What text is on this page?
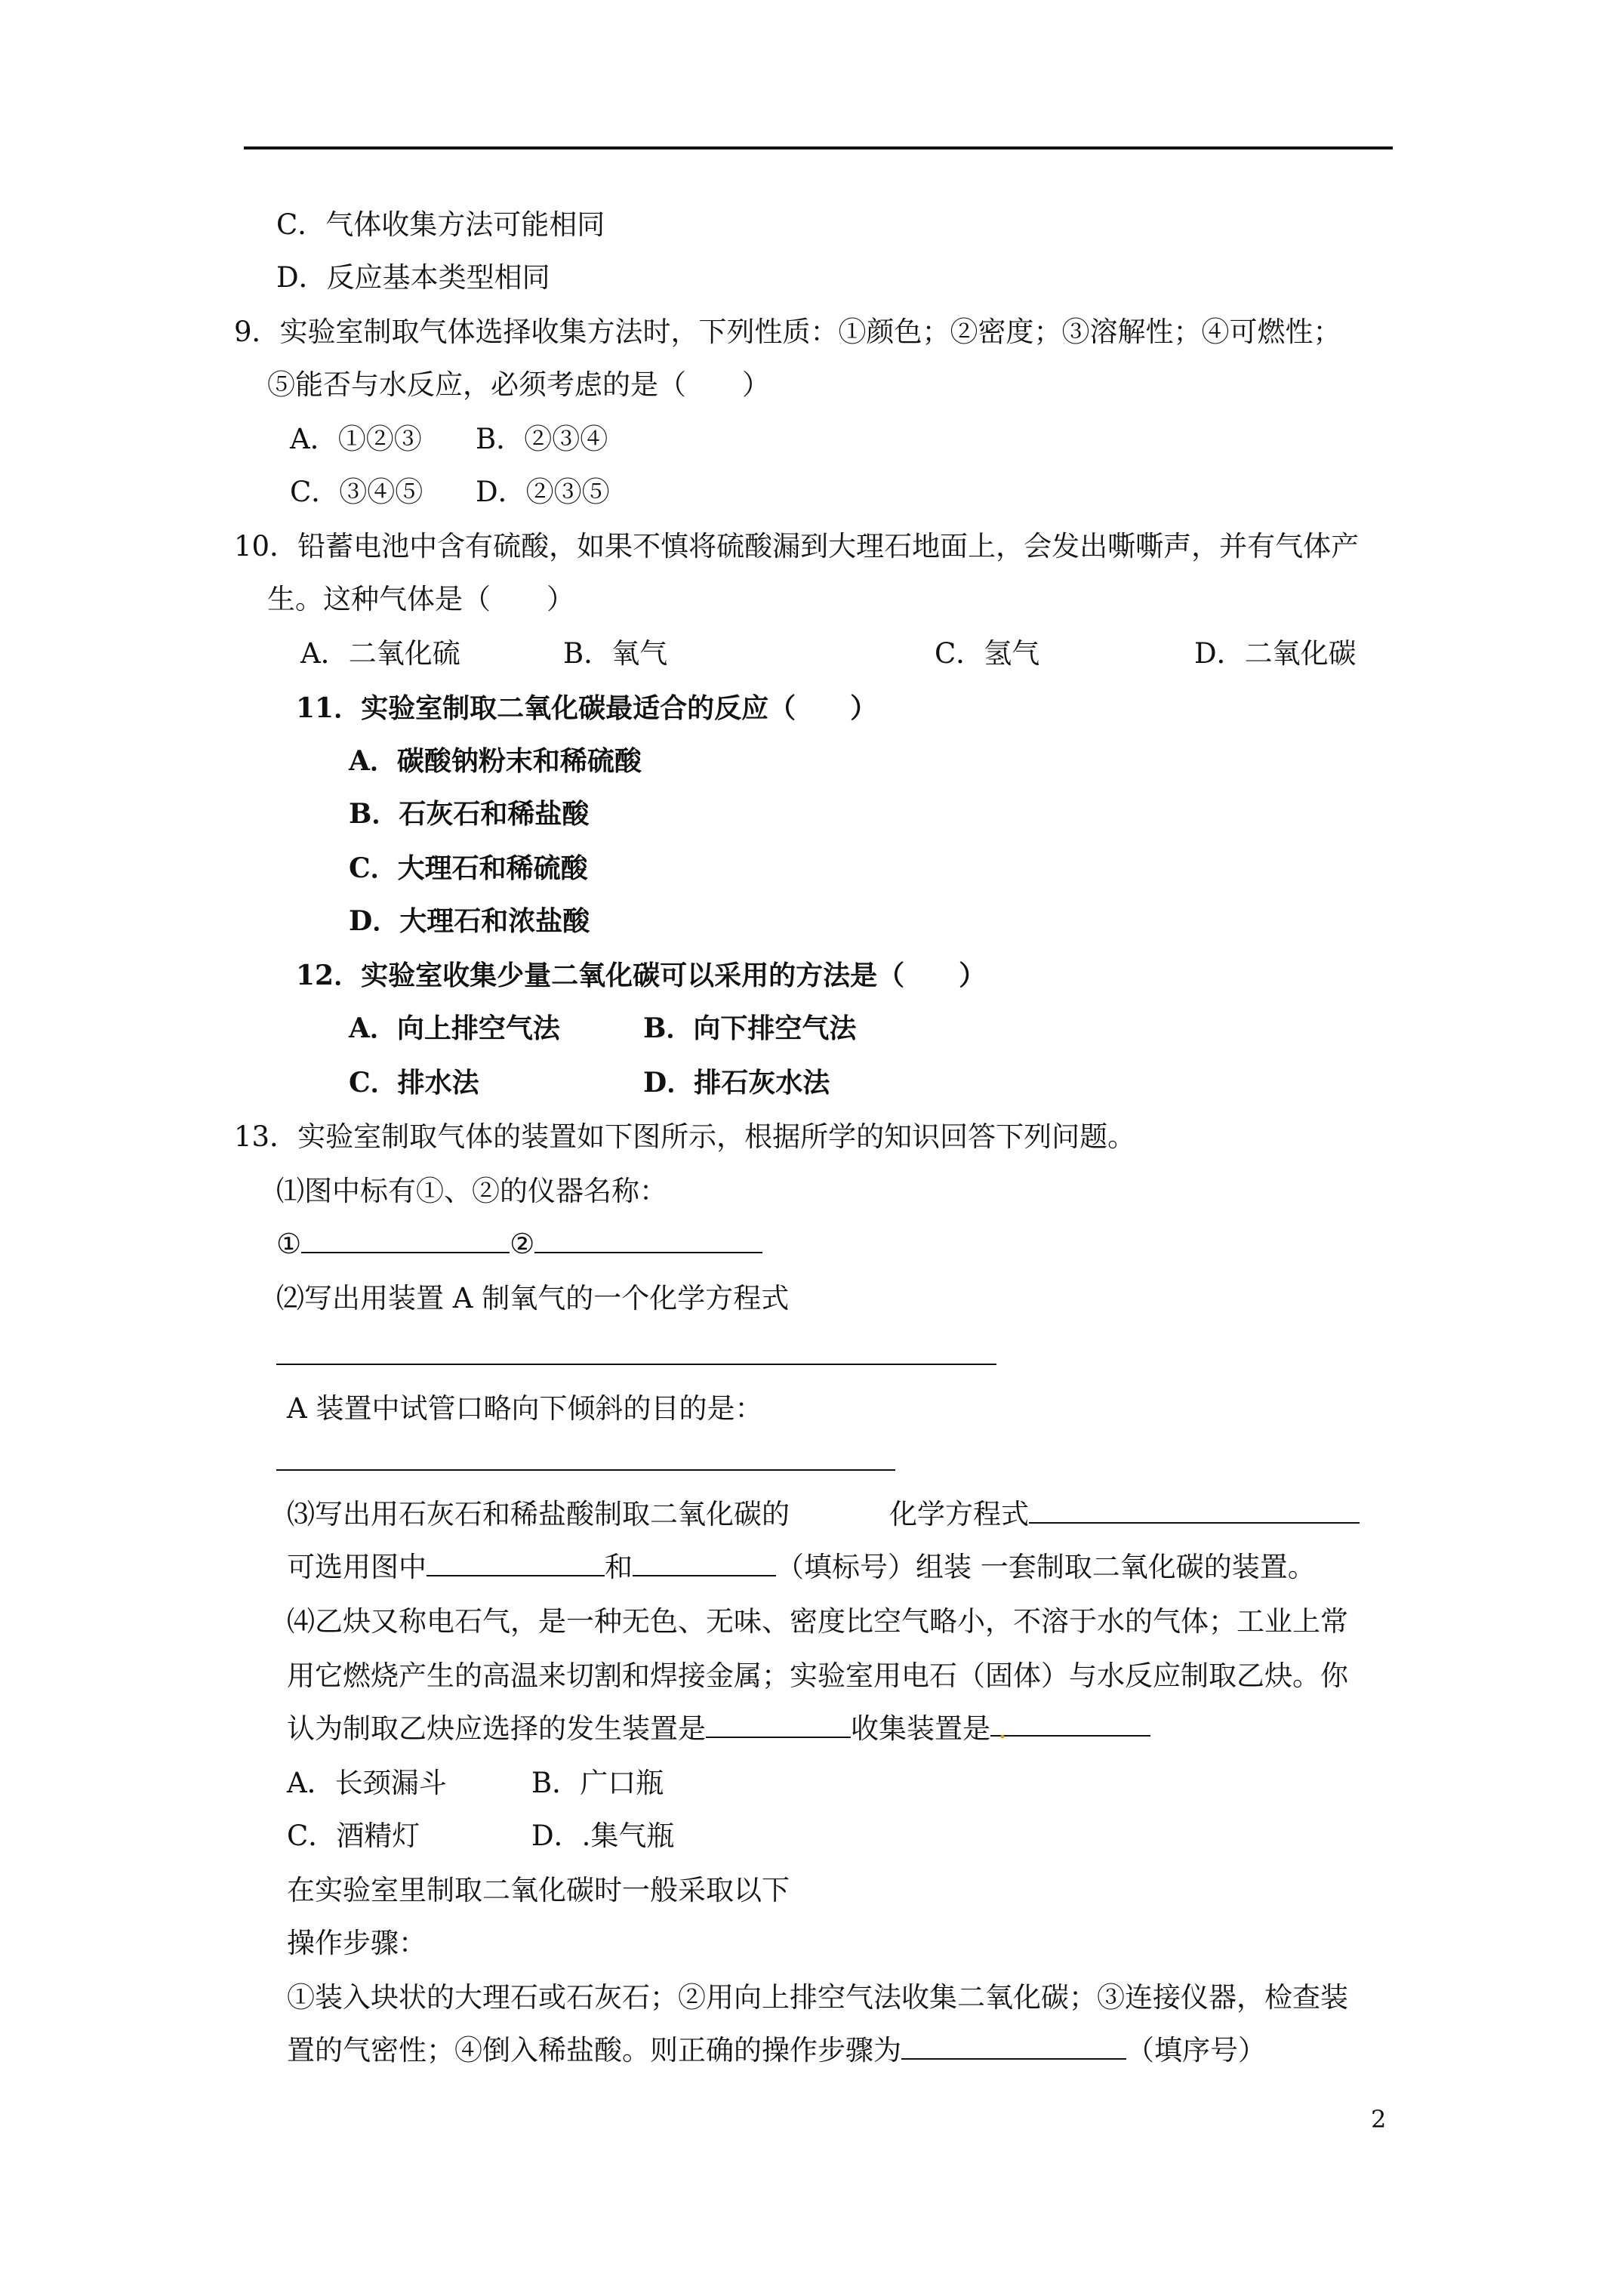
C．气体收集方法可能相同
D．反应基本类型相同
9．实验室制取气体选择收集方法时，下列性质：①颜色；②密度；③溶解性；④可燃性；
⑤能否与水反应，必须考虑的是（　　）
A．①②③ B．②③④
C．③④⑤ D．②③⑤
10．铅蓄电池中含有硫酸，如果不慎将硫酸漏到大理石地面上，会发出嘶嘶声，并有气体产
生。这种气体是（　　）
A．二氧化硫	B．氧气	C．氢气	D．二氧化碳
11．实验室制取二氧化碳最适合的反应（　　）
A．碳酸钠粉末和稀硫酸
B．石灰石和稀盐酸
C．大理石和稀硫酸
D．大理石和浓盐酸
12．实验室收集少量二氧化碳可以采用的方法是（　　）
A．向上排空气法	B．向下排空气法
C．排水法	D．排石灰水法
13．实验室制取气体的装置如下图所示，根据所学的知识回答下列问题。
⑴图中标有①、②的仪器名称：
①	②
⑵写出用装置 A 制氧气的一个化学方程式
A 装置中试管口略向下倾斜的目的是：
⑶写出用石灰石和稀盐酸制取二氧化碳的	化学方程式
可选用图中	和	（填标号）组装 一套制取二氧化碳的装置。
⑷乙炔又称电石气，是一种无色、无味、密度比空气略小，不溶于水的气体；工业上常
用它燃烧产生的高温来切割和焊接金属；实验室用电石（固体）与水反应制取乙炔。你
认为制取乙炔应选择的发生装置是	收集装置是 .
A．长颈漏斗	B．广口瓶
C．酒精灯	D．.集气瓶
在实验室里制取二氧化碳时一般采取以下
操作步骤：
①装入块状的大理石或石灰石；②用向上排空气法收集二氧化碳；③连接仪器，检查装
置的气密性；④倒入稀盐酸。则正确的操作步骤为	（填序号）
2
